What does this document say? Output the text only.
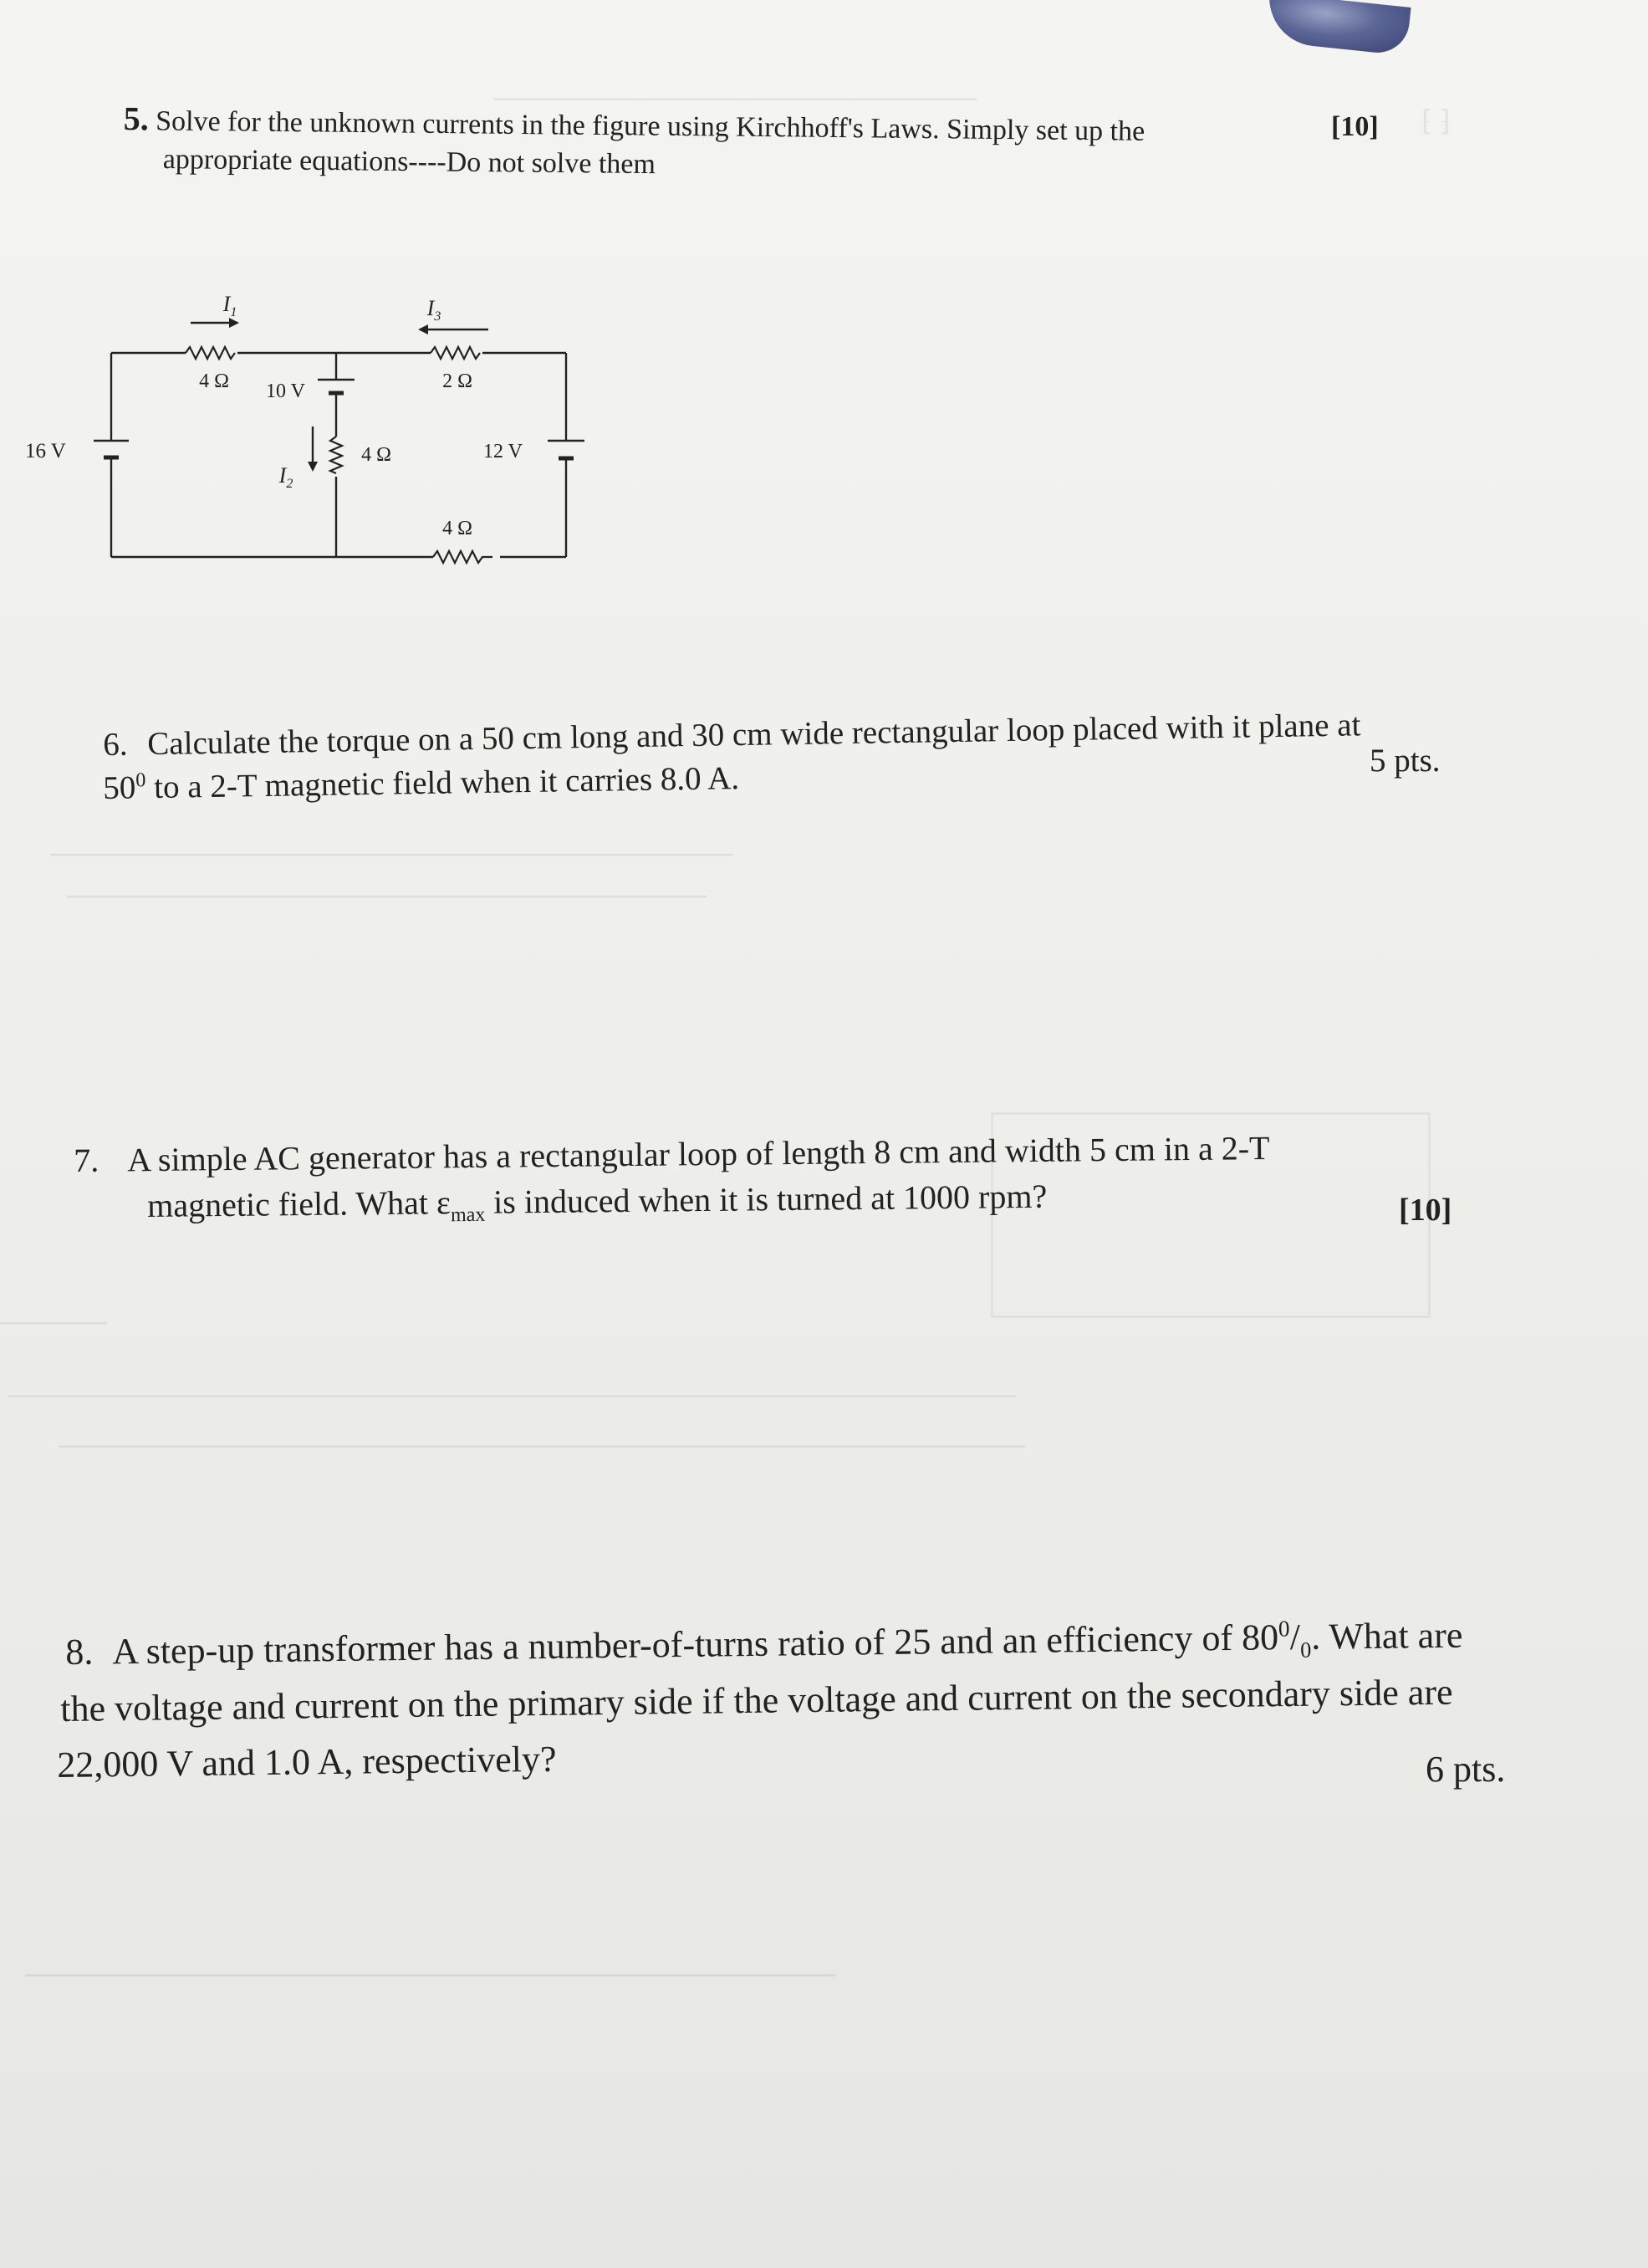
────────────────────────
⁅ ⁆
────────────────────────────────
──────────────────────────────
─────
──────────────────────────────────────────────────
────────────────────────────────────────────────
──────────────────────────────────────
5. Solve for the unknown currents in the figure using Kirchhoff's Laws. Simply set up the
appropriate equations----Do not solve them
[10]
$I_1$	$I_3$
$I_2$
4 Ω	2 Ω
4 Ω
4 Ω
16 V
10 V
12 V
6. Calculate the torque on a 50 cm long and 30 cm wide rectangular loop placed with it plane at
$50^0$ to a 2-T magnetic field when it carries 8.0 A.	5 pts.
7. A simple AC generator has a rectangular loop of length 8 cm and width 5 cm in a 2-T
magnetic field. What $\varepsilon_{max}$ is induced when it is turned at 1000 rpm?	[10]
8. A step-up transformer has a number-of-turns ratio of 25 and an efficiency of $80^0/_0$. What are
the voltage and current on the primary side if the voltage and current on the secondary side are
22,000 V and 1.0 A, respectively?	6 pts.
